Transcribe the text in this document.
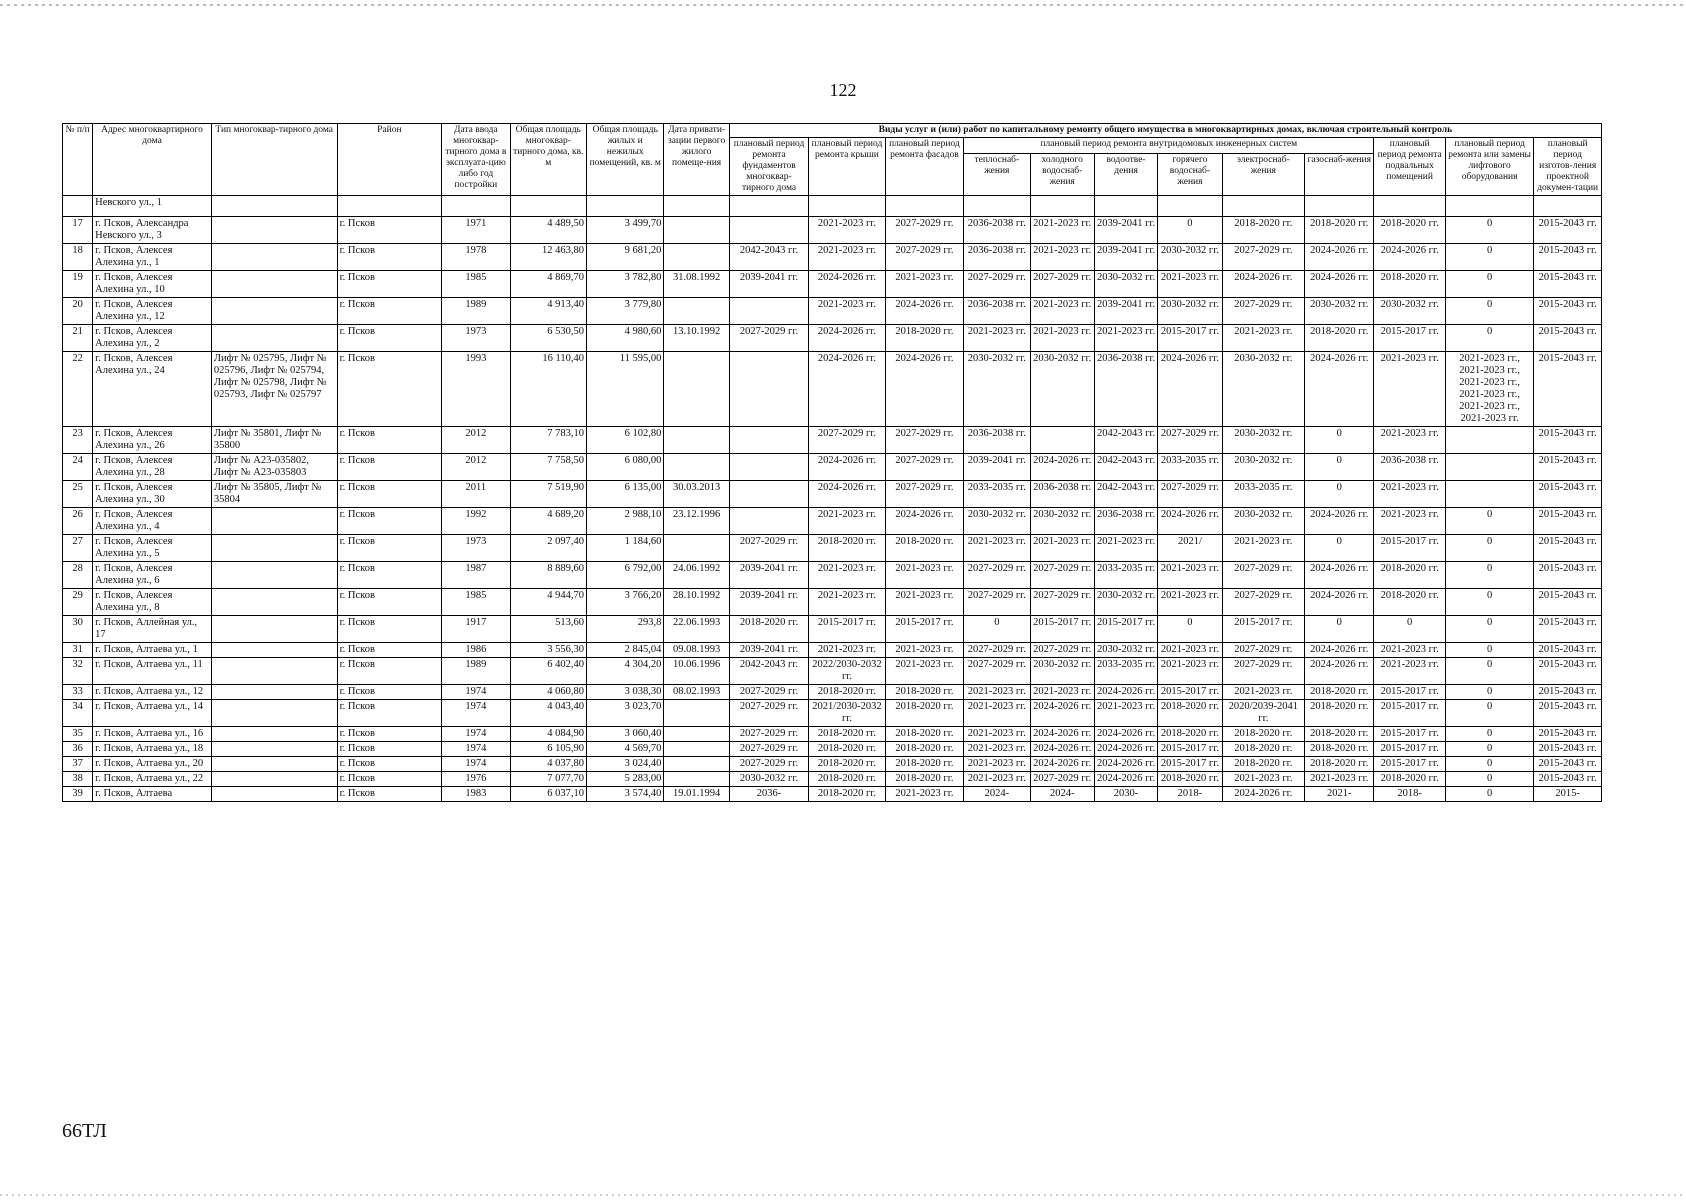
122
№ п/п	Адрес многоквартирного дома	Тип многоквар-тирного дома	Район	Дата ввода многоквар-тирного дома в эксплуата-цию либо год постройки	Общая площадь многоквар-тирного дома, кв. м	Общая площадь жилых и нежилых помещений, кв. м	Дата привати-зации первого жилого помеще-ния	Виды услуг и (или) работ по капитальному ремонту общего имущества в многоквартирных домах, включая строительный контроль											
								плановый период ремонта фундаментов многоквар-тирного дома	плановый период ремонта крыши	плановый период ремонта фасадов	плановый период ремонта внутридомовых инженерных систем						плановый период ремонта подвальных помещений	плановый период ремонта или замены лифтового оборудования	плановый период изготов-ления проектной докумен-тации
											теплоснаб-жения	холодного водоснаб-жения	водоотве-дения	горячего водоснаб-жения	электроснаб-жения	газоснаб-жения			
	Невского ул., 1																		
17	г. Псков, Александра Невского ул., 3		г. Псков	1971	4 489,50	3 499,70			2021-2023 гг.	2027-2029 гг.	2036-2038 гг.	2021-2023 гг.	2039-2041 гг.	0	2018-2020 гг.	2018-2020 гг.	2018-2020 гг.	0	2015-2043 гг.
18	г. Псков, Алексея Алехина ул., 1		г. Псков	1978	12 463,80	9 681,20		2042-2043 гг.	2021-2023 гг.	2027-2029 гг.	2036-2038 гг.	2021-2023 гг.	2039-2041 гг.	2030-2032 гг.	2027-2029 гг.	2024-2026 гг.	2024-2026 гг.	0	2015-2043 гг.
19	г. Псков, Алексея Алехина ул., 10		г. Псков	1985	4 869,70	3 782,80	31.08.1992	2039-2041 гг.	2024-2026 гг.	2021-2023 гг.	2027-2029 гг.	2027-2029 гг.	2030-2032 гг.	2021-2023 гг.	2024-2026 гг.	2024-2026 гг.	2018-2020 гг.	0	2015-2043 гг.
20	г. Псков, Алексея Алехина ул., 12		г. Псков	1989	4 913,40	3 779,80			2021-2023 гг.	2024-2026 гг.	2036-2038 гг.	2021-2023 гг.	2039-2041 гг.	2030-2032 гг.	2027-2029 гг.	2030-2032 гг.	2030-2032 гг.	0	2015-2043 гг.
21	г. Псков, Алексея Алехина ул., 2		г. Псков	1973	6 530,50	4 980,60	13.10.1992	2027-2029 гг.	2024-2026 гг.	2018-2020 гг.	2021-2023 гг.	2021-2023 гг.	2021-2023 гг.	2015-2017 гг.	2021-2023 гг.	2018-2020 гг.	2015-2017 гг.	0	2015-2043 гг.
22	г. Псков, Алексея Алехина ул., 24	Лифт № 025795, Лифт № 025796, Лифт № 025794, Лифт № 025798, Лифт № 025793, Лифт № 025797	г. Псков	1993	16 110,40	11 595,00			2024-2026 гг.	2024-2026 гг.	2030-2032 гг.	2030-2032 гг.	2036-2038 гг.	2024-2026 гг.	2030-2032 гг.	2024-2026 гг.	2021-2023 гг.	2021-2023 гг., 2021-2023 гг., 2021-2023 гг., 2021-2023 гг., 2021-2023 гг., 2021-2023 гг.	2015-2043 гг.
23	г. Псков, Алексея Алехина ул., 26	Лифт № 35801, Лифт № 35800	г. Псков	2012	7 783,10	6 102,80			2027-2029 гг.	2027-2029 гг.	2036-2038 гг.		2042-2043 гг.	2027-2029 гг.	2030-2032 гг.	0	2021-2023 гг.		2015-2043 гг.
24	г. Псков, Алексея Алехина ул., 28	Лифт № А23-035802, Лифт № А23-035803	г. Псков	2012	7 758,50	6 080,00			2024-2026 гг.	2027-2029 гг.	2039-2041 гг.	2024-2026 гг.	2042-2043 гг.	2033-2035 гг.	2030-2032 гг.	0	2036-2038 гг.		2015-2043 гг.
25	г. Псков, Алексея Алехина ул., 30	Лифт № 35805, Лифт № 35804	г. Псков	2011	7 519,90	6 135,00	30.03.2013		2024-2026 гг.	2027-2029 гг.	2033-2035 гг.	2036-2038 гг.	2042-2043 гг.	2027-2029 гг.	2033-2035 гг.	0	2021-2023 гг.		2015-2043 гг.
26	г. Псков, Алексея Алехина ул., 4		г. Псков	1992	4 689,20	2 988,10	23.12.1996		2021-2023 гг.	2024-2026 гг.	2030-2032 гг.	2030-2032 гг.	2036-2038 гг.	2024-2026 гг.	2030-2032 гг.	2024-2026 гг.	2021-2023 гг.	0	2015-2043 гг.
27	г. Псков, Алексея Алехина ул., 5		г. Псков	1973	2 097,40	1 184,60		2027-2029 гг.	2018-2020 гг.	2018-2020 гг.	2021-2023 гг.	2021-2023 гг.	2021-2023 гг.	2021/	2021-2023 гг.	0	2015-2017 гг.	0	2015-2043 гг.
28	г. Псков, Алексея Алехина ул., 6		г. Псков	1987	8 889,60	6 792,00	24.06.1992	2039-2041 гг.	2021-2023 гг.	2021-2023 гг.	2027-2029 гг.	2027-2029 гг.	2033-2035 гг.	2021-2023 гг.	2027-2029 гг.	2024-2026 гг.	2018-2020 гг.	0	2015-2043 гг.
29	г. Псков, Алексея Алехина ул., 8		г. Псков	1985	4 944,70	3 766,20	28.10.1992	2039-2041 гг.	2021-2023 гг.	2021-2023 гг.	2027-2029 гг.	2027-2029 гг.	2030-2032 гг.	2021-2023 гг.	2027-2029 гг.	2024-2026 гг.	2018-2020 гг.	0	2015-2043 гг.
30	г. Псков, Аллейная ул., 17		г. Псков	1917	513,60	293,8	22.06.1993	2018-2020 гг.	2015-2017 гг.	2015-2017 гг.	0	2015-2017 гг.	2015-2017 гг.	0	2015-2017 гг.	0	0	0	2015-2043 гг.
31	г. Псков, Алтаева ул., 1		г. Псков	1986	3 556,30	2 845,04	09.08.1993	2039-2041 гг.	2021-2023 гг.	2021-2023 гг.	2027-2029 гг.	2027-2029 гг.	2030-2032 гг.	2021-2023 гг.	2027-2029 гг.	2024-2026 гг.	2021-2023 гг.	0	2015-2043 гг.
32	г. Псков, Алтаева ул., 11		г. Псков	1989	6 402,40	4 304,20	10.06.1996	2042-2043 гг.	2022/2030-2032 гг.	2021-2023 гг.	2027-2029 гг.	2030-2032 гг.	2033-2035 гг.	2021-2023 гг.	2027-2029 гг.	2024-2026 гг.	2021-2023 гг.	0	2015-2043 гг.
33	г. Псков, Алтаева ул., 12		г. Псков	1974	4 060,80	3 038,30	08.02.1993	2027-2029 гг.	2018-2020 гг.	2018-2020 гг.	2021-2023 гг.	2021-2023 гг.	2024-2026 гг.	2015-2017 гг.	2021-2023 гг.	2018-2020 гг.	2015-2017 гг.	0	2015-2043 гг.
34	г. Псков, Алтаева ул., 14		г. Псков	1974	4 043,40	3 023,70		2027-2029 гг.	2021/2030-2032 гг.	2018-2020 гг.	2021-2023 гг.	2024-2026 гг.	2021-2023 гг.	2018-2020 гг.	2020/2039-2041 гг.	2018-2020 гг.	2015-2017 гг.	0	2015-2043 гг.
35	г. Псков, Алтаева ул., 16		г. Псков	1974	4 084,90	3 060,40		2027-2029 гг.	2018-2020 гг.	2018-2020 гг.	2021-2023 гг.	2024-2026 гг.	2024-2026 гг.	2018-2020 гг.	2018-2020 гг.	2018-2020 гг.	2015-2017 гг.	0	2015-2043 гг.
36	г. Псков, Алтаева ул., 18		г. Псков	1974	6 105,90	4 569,70		2027-2029 гг.	2018-2020 гг.	2018-2020 гг.	2021-2023 гг.	2024-2026 гг.	2024-2026 гг.	2015-2017 гг.	2018-2020 гг.	2018-2020 гг.	2015-2017 гг.	0	2015-2043 гг.
37	г. Псков, Алтаева ул., 20		г. Псков	1974	4 037,80	3 024,40		2027-2029 гг.	2018-2020 гг.	2018-2020 гг.	2021-2023 гг.	2024-2026 гг.	2024-2026 гг.	2015-2017 гг.	2018-2020 гг.	2018-2020 гг.	2015-2017 гг.	0	2015-2043 гг.
38	г. Псков, Алтаева ул., 22		г. Псков	1976	7 077,70	5 283,00		2030-2032 гг.	2018-2020 гг.	2018-2020 гг.	2021-2023 гг.	2027-2029 гг.	2024-2026 гг.	2018-2020 гг.	2021-2023 гг.	2021-2023 гг.	2018-2020 гг.	0	2015-2043 гг.
39	г. Псков, Алтаева		г. Псков	1983	6 037,10	3 574,40	19.01.1994	2036-	2018-2020 гг.	2021-2023 гг.	2024-	2024-	2030-	2018-	2024-2026 гг.	2021-	2018-	0	2015-
66ТЛ
